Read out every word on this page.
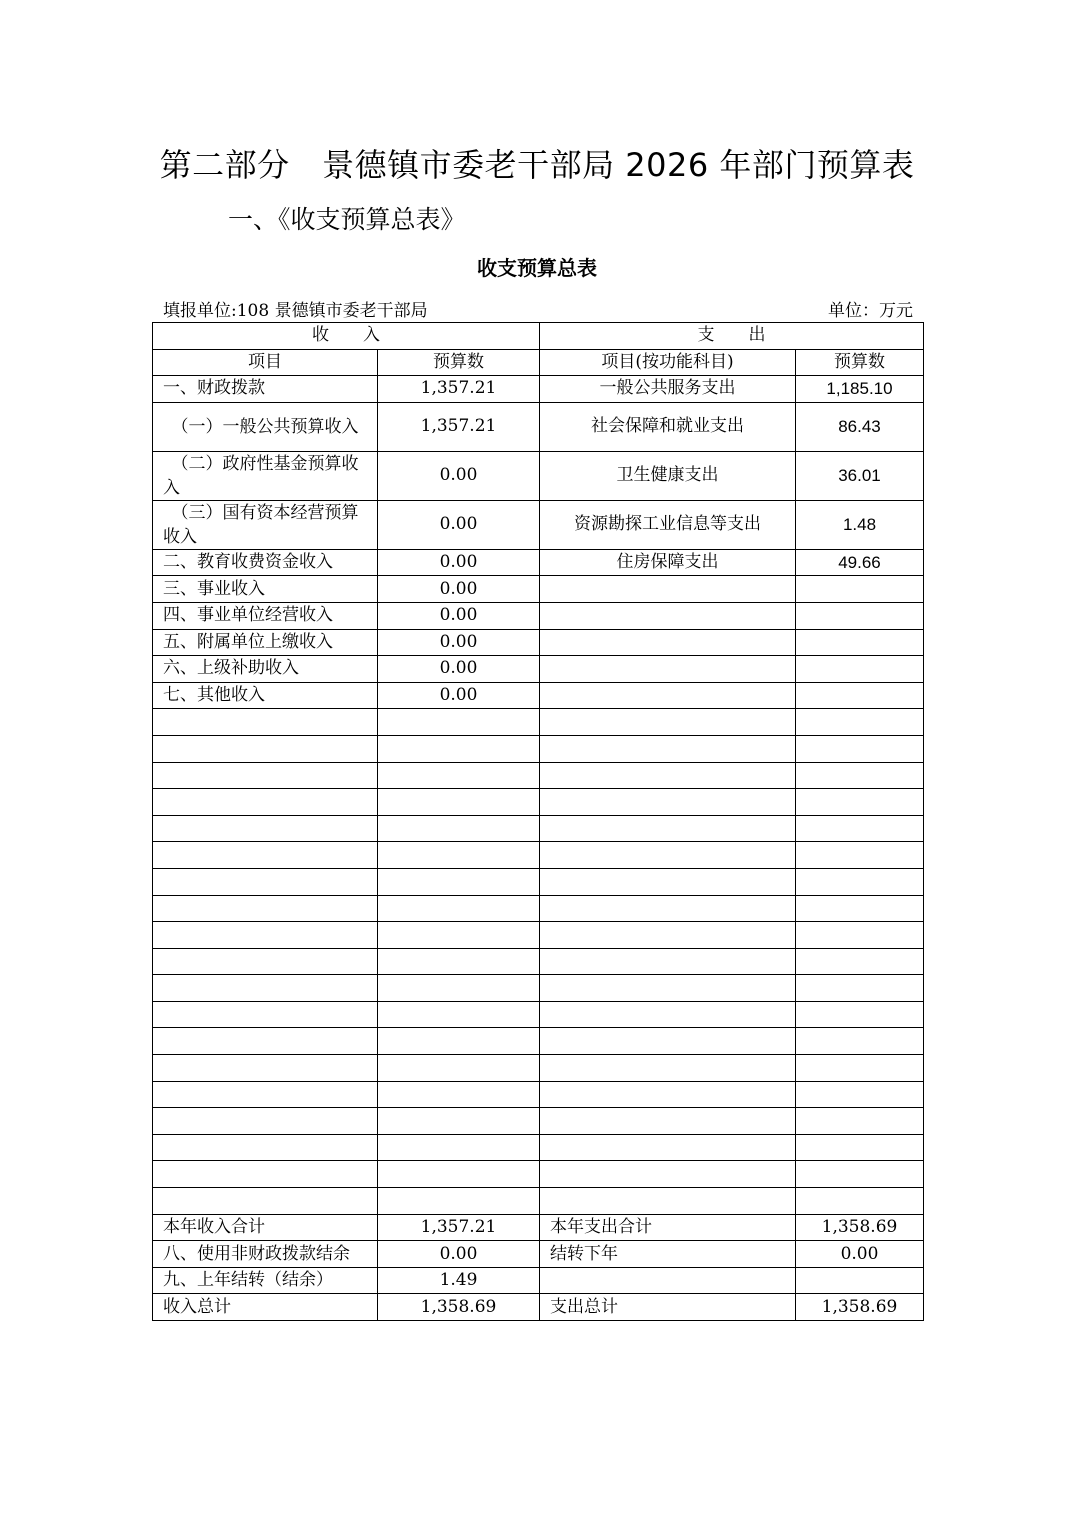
第二部分　景德镇市委老干部局 2026 年部门预算表
一、《收支预算总表》
收支预算总表
填报单位:108 景德镇市委老干部局	单位：万元
收　　入		支　　出	
项目	预算数	项目(按功能科目)	预算数
一、财政拨款	1,357.21	一般公共服务支出	1,185.10
　（一）一般公共预算收入	1,357.21	社会保障和就业支出	86.43
　（二）政府性基金预算收入	0.00	卫生健康支出	36.01
　（三）国有资本经营预算收入	0.00	资源勘探工业信息等支出	1.48
二、教育收费资金收入	0.00	住房保障支出	49.66
三、事业收入	0.00		
四、事业单位经营收入	0.00		
五、附属单位上缴收入	0.00		
六、上级补助收入	0.00		
七、其他收入	0.00		

本年收入合计	1,357.21	本年支出合计	1,358.69
八、使用非财政拨款结余	0.00	结转下年	0.00
九、上年结转（结余）	1.49		
收入总计	1,358.69	支出总计	1,358.69
